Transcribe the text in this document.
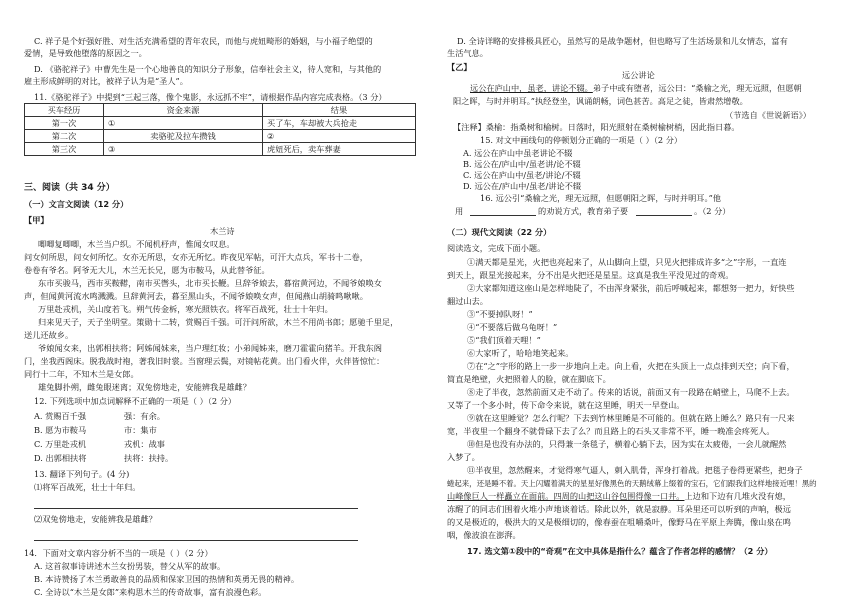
C. 祥子是个好强好胜、对生活充满希望的青年农民，而他与虎妞畸形的婚姻，与小福子绝望的
爱情，是导致他堕落的原因之一。
D. 《骆驼祥子》中曹先生是一个心地善良的知识分子形象，信奉社会主义，待人宽和，与其他的
雇主形成鲜明的对比，被祥子认为是“圣人”。
11.《骆驼祥子》中提到“三起三落，像个鬼影，永远抓不牢”，请根据作品内容完成表格。（3 分）
买车经历	资金来源	结果
第一次	①	买了车，车却被大兵抢走
第二次	卖骆驼及拉车攒钱	②
第三次	③	虎妞死后，卖车葬妻
三、阅读（共 34 分）
（一）文言文阅读（12 分）
【甲】
木兰诗
唧唧复唧唧，木兰当户织。不闻机杼声，惟闻女叹息。
问女何所思，问女何所忆。女亦无所思，女亦无所忆。昨夜见军帖，可汗大点兵，军书十二卷，
卷卷有爷名。阿爷无大儿，木兰无长兄，愿为市鞍马，从此替爷征。
东市买骏马，西市买鞍鞯，南市买辔头，北市买长鞭。旦辞爷娘去，暮宿黄河边，不闻爷娘唤女
声，但闻黄河流水鸣溅溅。旦辞黄河去，暮至黑山头，不闻爷娘唤女声，但闻燕山胡骑鸣啾啾。
万里赴戎机，关山度若飞。朔气传金柝，寒光照铁衣。将军百战死，壮士十年归。
归来见天子，天子坐明堂。策勋十二转，赏赐百千强。可汗问所欲，木兰不用尚书郎；愿驰千里足，
送儿还故乡。
爷娘闻女来，出郭相扶将；阿姊闻妹来，当户理红妆；小弟闻姊来，磨刀霍霍向猪羊。开我东阁
门，坐我西阁床。脱我战时袍，著我旧时裳。当窗理云鬓，对镜帖花黄。出门看火伴，火伴皆惊忙：
同行十二年，不知木兰是女郎。
雄兔脚扑朔，雌兔眼迷离；双兔傍地走，安能辨我是雄雌？
12. 下列选项中加点词解释不正确的一项是（ ）（2 分）
A. 赏赐百千强	强：有余。
B. 愿为市鞍马	市：集市
C. 万里赴戎机	戎机：战事
D. 出郭相扶将	扶将：扶持。
13. 翻译下列句子。(4 分)
⑴将军百战死，壮士十年归。
⑵双兔傍地走，安能辨我是雄雌？
14．下面对文章内容分析不当的一项是（ ）（2 分）
A. 这首叙事诗讲述木兰女扮男装，替父从军的故事。
B. 本诗赞扬了木兰勇敢善良的品质和保家卫国的热情和英勇无畏的精神。
C. 全诗以“木兰是女郎”来构思木兰的传奇故事，富有浪漫色彩。
D. 全诗详略的安排极具匠心，虽然写的是战争题材，但也略写了生活场景和儿女情态，富有
生活气息。
【乙】
远公讲论
远公在庐山中，虽老，讲论不辍。弟子中或有堕者，远公曰：“桑榆之光，理无远照，但愿朝
阳之晖，与时并明耳。”执经登坐，讽诵朗畅，词色甚苦。高足之徒，皆肃然增敬。
（节选自《世说新语》）
【注释】桑榆：指桑树和榆树。日落时，阳光照射在桑树榆树梢，因此指日暮。
15. 对文中画线句的停顿划分正确的一项是（ ）（2 分）
A. 远公在庐山中虽老讲论不辍
B. 远公在/庐山中/虽老讲/论不辍
C. 远公在庐山中/虽老/讲论/不辍
D. 远公在/庐山中/虽老/讲论不辍
16. 远公引“桑榆之光，理无远照，但愿朝阳之晖，与时并明耳。”他
用	的劝说方式，教育弟子要	。（2 分）
（二）现代文阅读（22 分）
阅读选文，完成下面小题。
①满天都是星光，火把也亮起来了，从山脚向上望，只见火把排成许多“之”字形，一直连
到天上，跟星光接起来，分不出是火把还是星星。这真是我生平没见过的奇观。
②大家都知道这座山是怎样地陡了，不由浑身紧张，前后呼喊起来，都想努一把力，好快些
翻过山去。
③“不要掉队呀！”
④“不要落后做乌龟呀！”
⑤“我们顶着天哩！”
⑥大家听了，哈哈地笑起来。
⑦在“之”字形的路上一步一步地向上走。向上看，火把在头顶上一点点排到天空；向下看，
简直是绝壁，火把照着人的脸，就在脚底下。
⑧走了半夜，忽然前面又走不动了。传来的话说，前面又有一段路在峭壁上，马爬不上去。
又等了一个多小时，传下命令来说，就在这里睡，明天一早登山。
⑨就在这里睡觉？怎么行呢？下去到竹林里睡是不可能的。但就在路上睡么？路只有一尺来
宽，半夜里一个翻身不就骨碌下去了么？而且路上的石头又非常不平，睡一晚准会疼死人。
⑩但是也没有办法的，只得兼一条毯子，横着心躺下去，因为实在太疲倦，一会儿就醒然
入梦了。
⑪半夜里，忽然醒来，才觉得寒气逼人，刺入肌骨，浑身打着战。把毯子卷得更紧些，把身子
蜷起来，还是睡不着。天上闪耀着满天的星星好像黑色的天鹅绒幕上缀着的宝石，它们跟我们这样地接近哩！黑的
山峰像巨人一样矗立在面前。四周的山把这山谷包围得像一口井。上边和下边有几堆火没有熄，
冻醒了的同志们围着火堆小声地谈着话。除此以外，就是寂静。耳朵里还可以听到的声响，极远
的又是极近的，极洪大的又是极细切的，像春蚕在咀嚼桑叶，像野马在平原上奔腾，像山泉在鸣
咽，像波浪在澎湃。
17. 选文第①段中的“奇观”在文中具体是指什么？蕴含了作者怎样的感情？（2 分）
